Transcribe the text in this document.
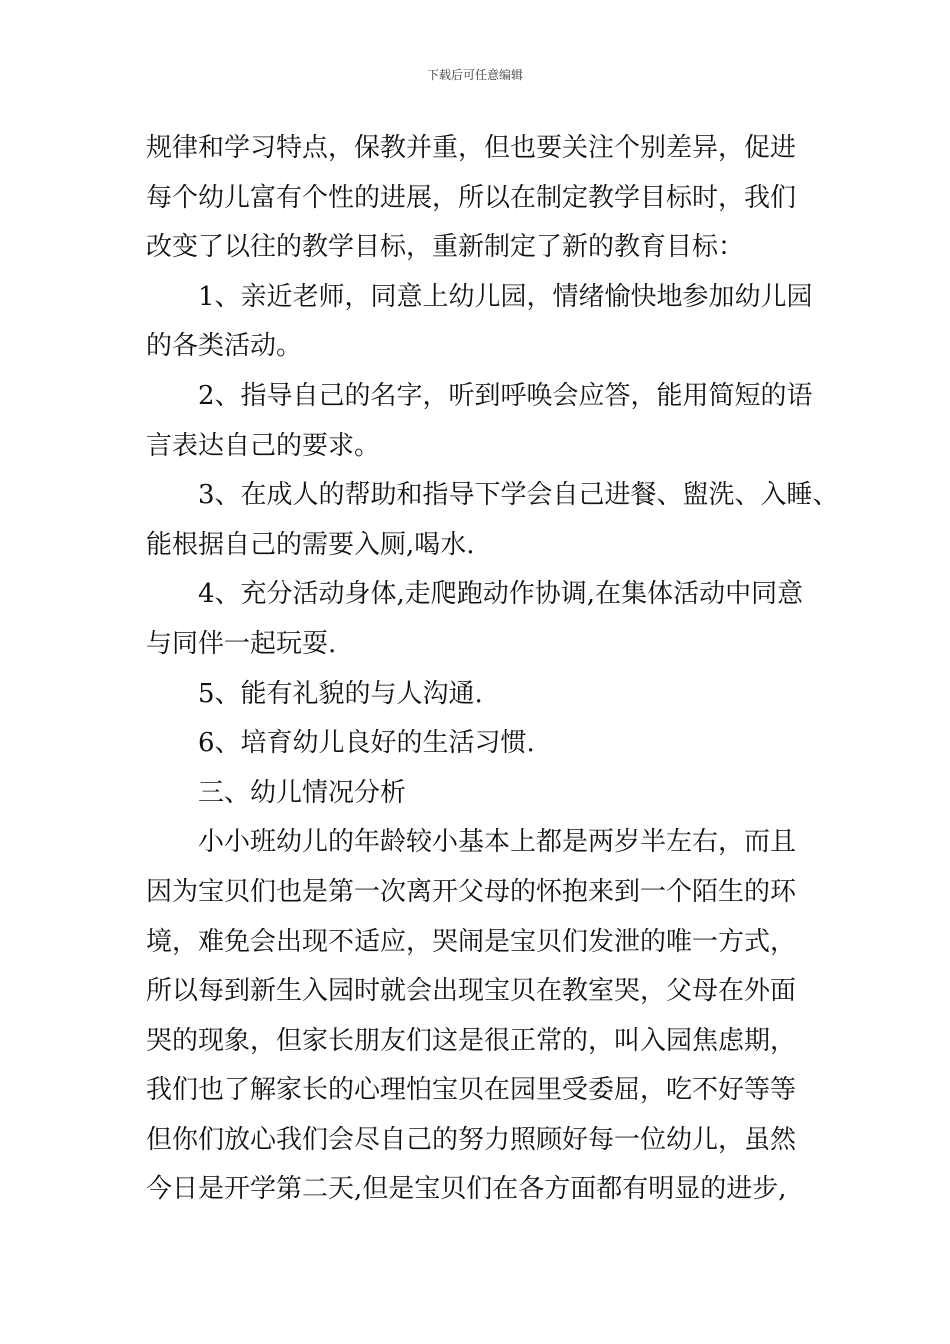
下载后可任意编辑

规律和学习特点，保教并重，但也要关注个别差异，促进

每个幼儿富有个性的进展，所以在制定教学目标时，我们

改变了以往的教学目标，重新制定了新的教育目标：

1、亲近老师，同意上幼儿园，情绪愉快地参加幼儿园

的各类活动。

2、指导自己的名字，听到呼唤会应答，能用简短的语

言表达自己的要求。

3、在成人的帮助和指导下学会自己进餐、盥洗、入睡、

能根据自己的需要入厕,喝水.

4、充分活动身体,走爬跑动作协调,在集体活动中同意

与同伴一起玩耍.

5、能有礼貌的与人沟通.

6、培育幼儿良好的生活习惯.

三、幼儿情况分析

小小班幼儿的年龄较小基本上都是两岁半左右，而且

因为宝贝们也是第一次离开父母的怀抱来到一个陌生的环

境，难免会出现不适应，哭闹是宝贝们发泄的唯一方式，

所以每到新生入园时就会出现宝贝在教室哭，父母在外面

哭的现象，但家长朋友们这是很正常的，叫入园焦虑期，

我们也了解家长的心理怕宝贝在园里受委屈，吃不好等等

但你们放心我们会尽自己的努力照顾好每一位幼儿，虽然

今日是开学第二天,但是宝贝们在各方面都有明显的进步,
